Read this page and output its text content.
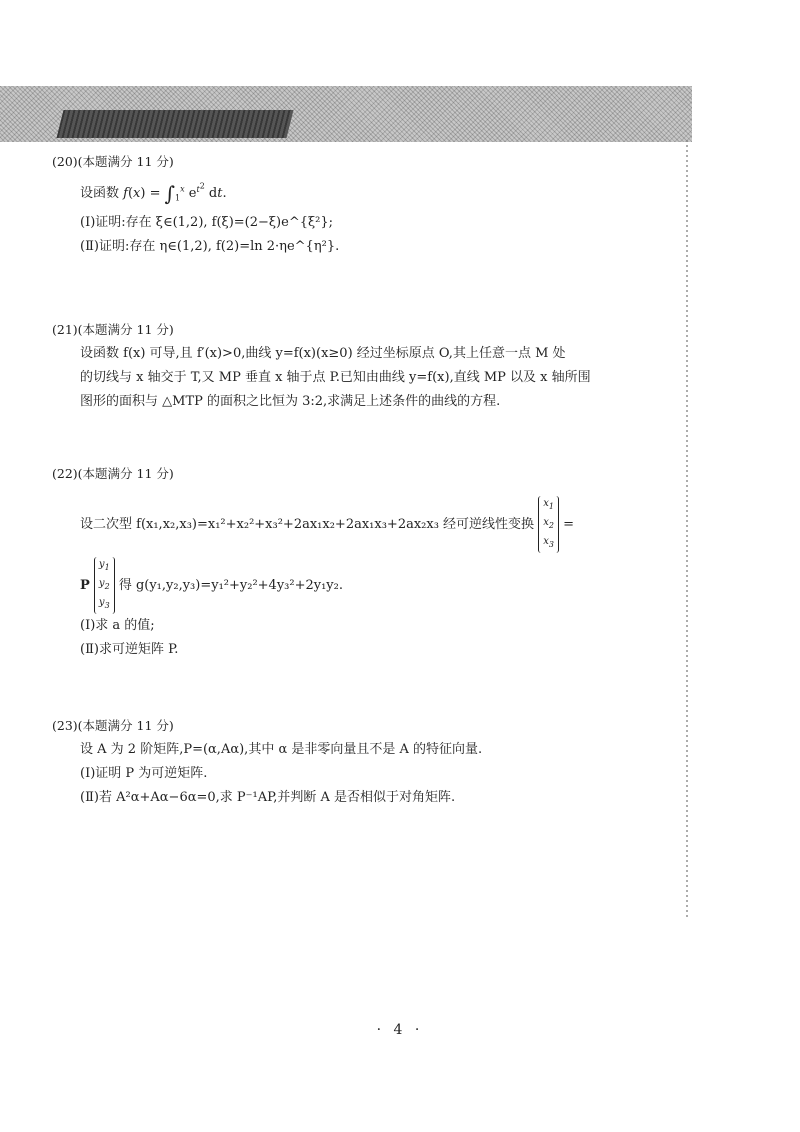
(20)(本题满分 11 分)
设函数 $f(x) = \int_1^x$ $e^{t^2}$ dt.
(Ⅰ)证明:存在 ξ∈(1,2), f(ξ)=(2−ξ)e^{ξ²};
(Ⅱ)证明:存在 η∈(1,2), f(2)=ln 2·ηe^{η²}.
(21)(本题满分 11 分)
设函数 f(x) 可导,且 f′(x)>0,曲线 y=f(x)(x≥0) 经过坐标原点 O,其上任意一点 M 处
的切线与 x 轴交于 T,又 MP 垂直 x 轴于点 P.已知由曲线 y=f(x),直线 MP 以及 x 轴所围
图形的面积与 △MTP 的面积之比恒为 3:2,求满足上述条件的曲线的方程.
(22)(本题满分 11 分)
设二次型 f(x₁,x₂,x₃)=x₁²+x₂²+x₃²+2ax₁x₂+2ax₁x₃+2ax₂x₃ 经可逆线性变换 $x_1$
$x_2$
$x_3$ =
P $y_1$
$y_2$
$y_3$ 得 g(y₁,y₂,y₃)=y₁²+y₂²+4y₃²+2y₁y₂.
(Ⅰ)求 a 的值;
(Ⅱ)求可逆矩阵 P.
(23)(本题满分 11 分)
设 A 为 2 阶矩阵,P=(α,Aα),其中 α 是非零向量且不是 A 的特征向量.
(Ⅰ)证明 P 为可逆矩阵.
(Ⅱ)若 A²α+Aα−6α=0,求 P⁻¹AP,并判断 A 是否相似于对角矩阵.
· 4 ·
